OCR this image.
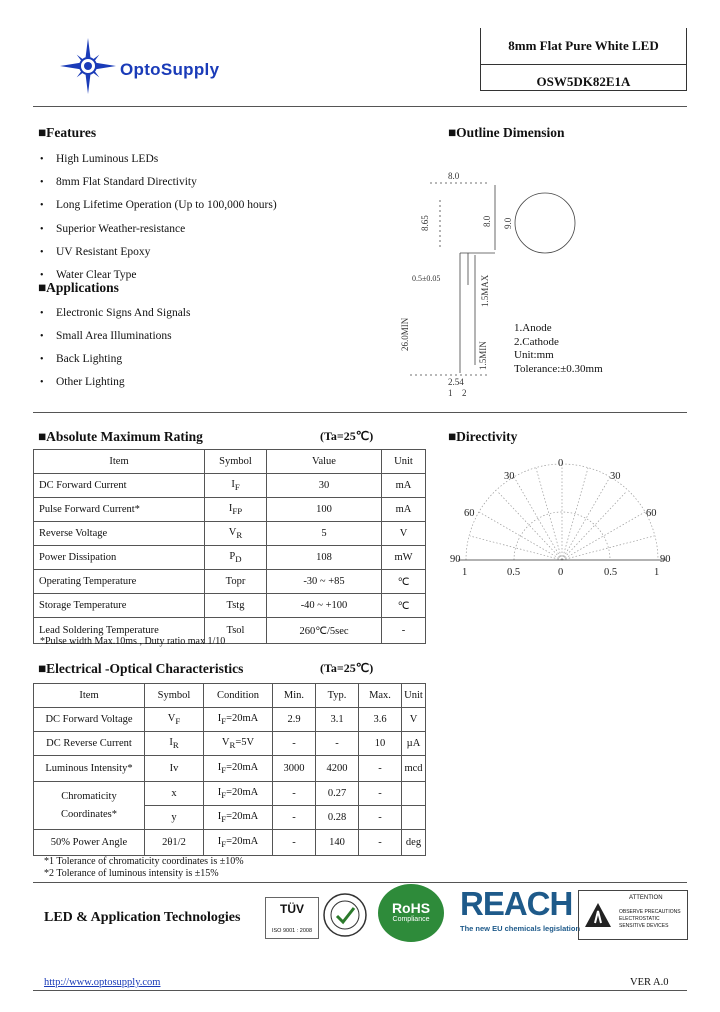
OptoSupply
8mm Flat Pure White LED
OSW5DK82E1A
■Features
• High Luminous LEDs
• 8mm Flat Standard Directivity
• Long Lifetime Operation (Up to 100,000 hours)
• Superior Weather-resistance
• UV Resistant Epoxy
• Water Clear Type
■Applications
• Electronic Signs And Signals
• Small Area Illuminations
• Back Lighting
• Other Lighting
■Outline Dimension
8.0
8.65	8.0 9.0
0.5±0.05	1.5MAX
26.0MIN
1.5MIN
2.54
1 2
1.Anode
2.Cathode
Unit:mm
Tolerance:±0.30mm
■Absolute Maximum Rating	(Ta=25℃)
Item	Symbol	Value	Unit
DC Forward Current	$I_F$	30	mA
Pulse Forward Current*	$I_{FP}$	100	mA
Reverse Voltage	$V_R$	5	V
Power Dissipation	$P_D$	108	mW
Operating Temperature	Topr	-30 ~ +85	℃
Storage Temperature	Tstg	-40 ~ +100	℃
Lead Soldering Temperature	Tsol	260℃/5sec	-
*Pulse width Max.10ms , Duty ratio max 1/10
■Directivity
0
30	30
60	60
90	90
1	0.5	0	0.5	1
■Electrical -Optical Characteristics	(Ta=25℃)
Item	Symbol	Condition	Min.	Typ.	Max.	Unit
DC Forward Voltage	$V_F$	$I_F=20mA$	2.9	3.1	3.6	V
DC Reverse Current	$I_R$	$V_R=5V$	-	-	10	µA
Luminous Intensity*	Iv	$I_F=20mA$	3000	4200	-	mcd

Chromaticity
Coordinates*	x	$I_F=20mA$	-	0.27	-	
	y	$I_F=20mA$	-	0.28	-	
50% Power Angle	2θ1/2	$I_F=20mA$	-	140	-	deg
*1 Tolerance of chromaticity coordinates is ±10%
*2 Tolerance of luminous intensity is ±15%
LED & Application Technologies
TÜV
ISO 9001 : 2008
RoHS
Compliance REACH
The new EU chemicals legislation
ATTENTION
OBSERVE PRECAUTIONS
ELECTROSTATIC
SENSITIVE DEVICES
http://www.optosupply.com	VER A.0
